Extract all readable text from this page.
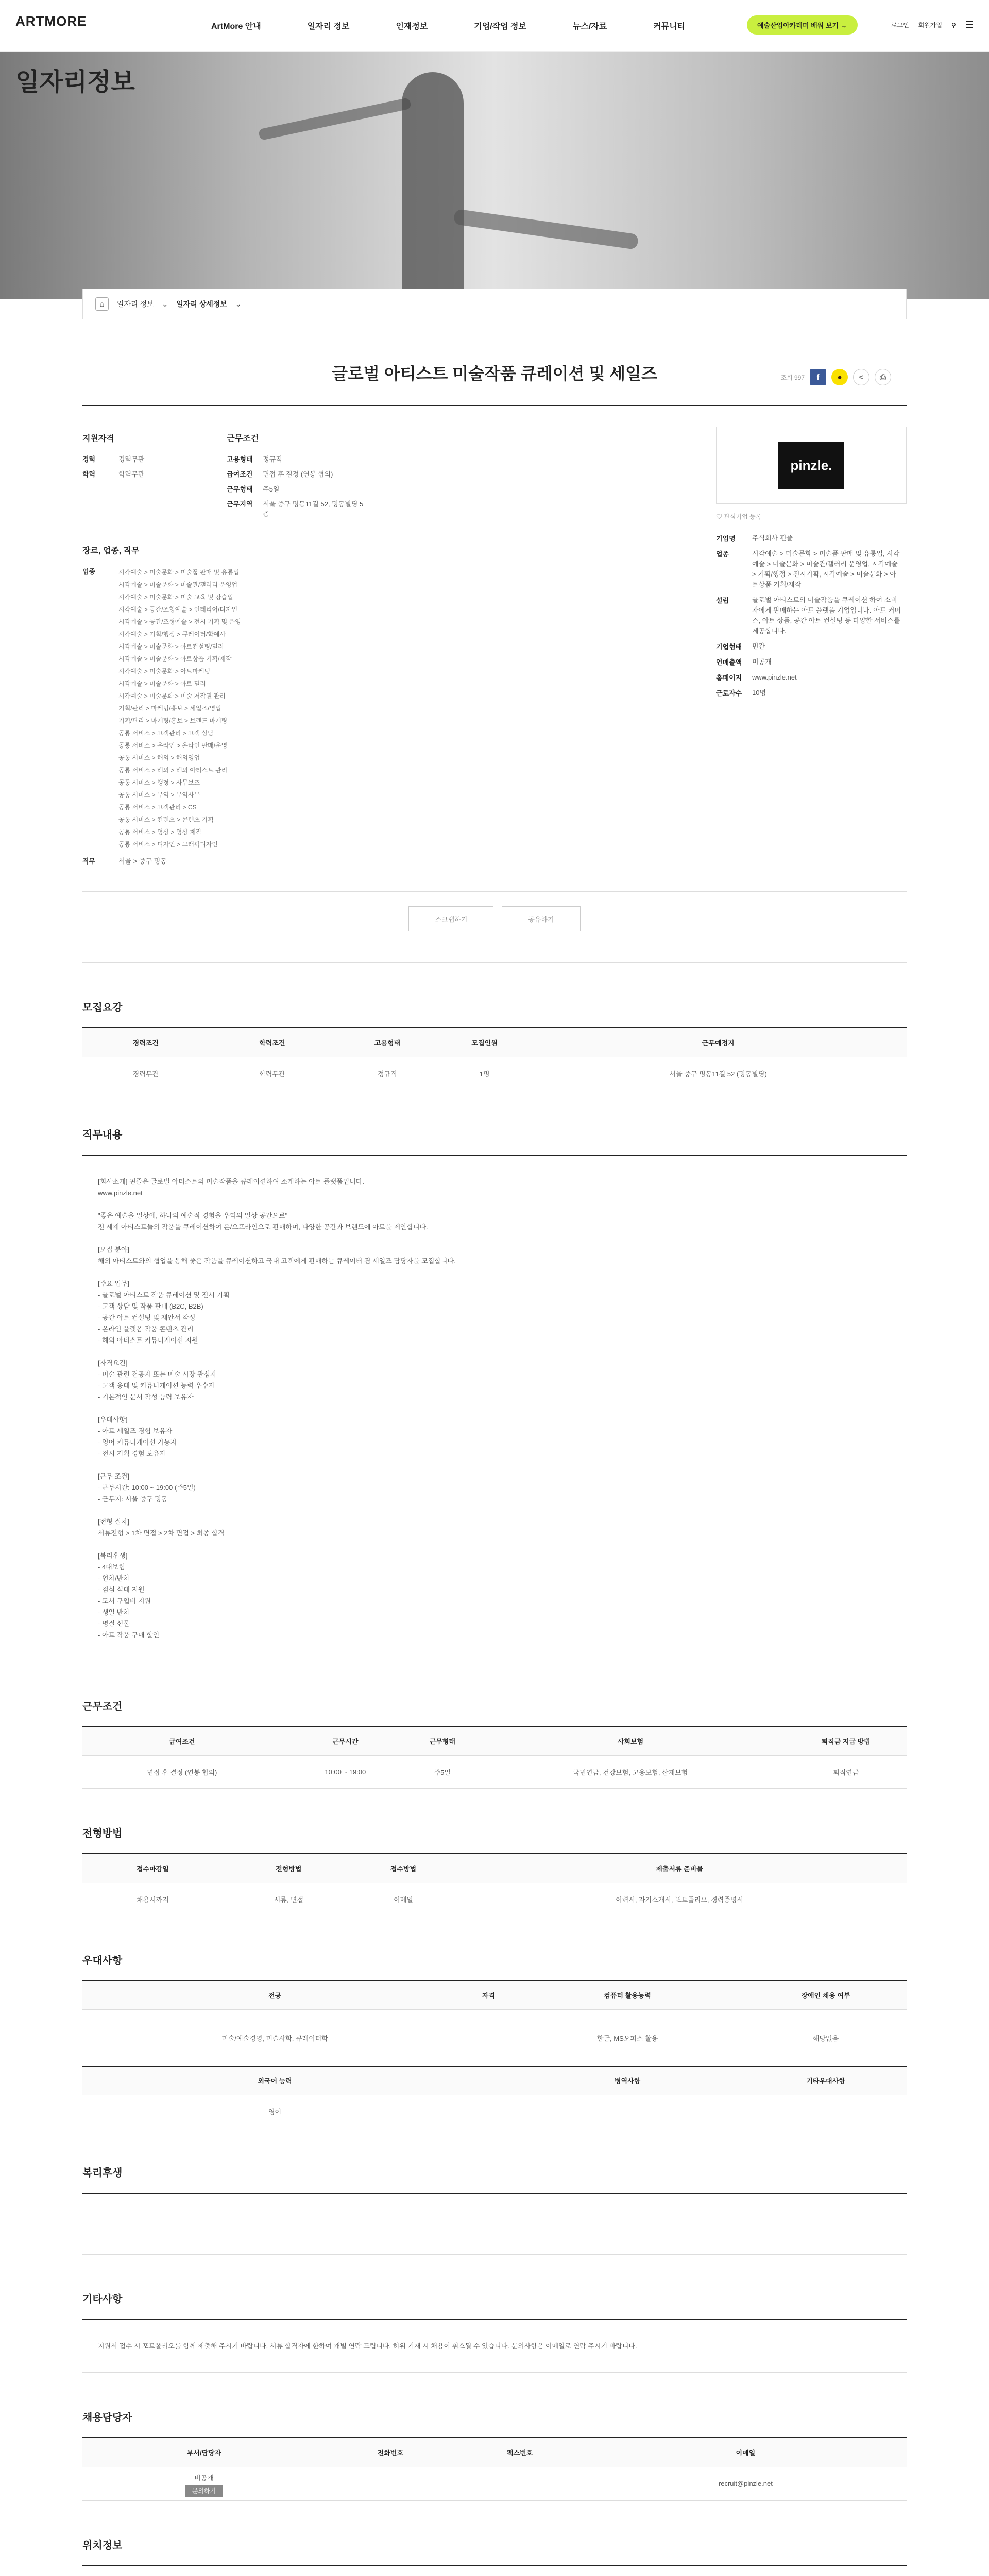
ARTMORE	ArtMore 안내	일자리 정보	인재정보	기업/작업 정보	뉴스/자료	커뮤니티	예술산업아카데미 배워 보기 →	로그인 회원가입 ⚲ ☰
일자리정보
⌂	일자리 정보 ⌄ 일자리 상세정보 ⌄
글로벌 아티스트 미술작품 큐레이션 및 세일즈	조회 997	f	●	<	⎙
지원자격
경력	경력무관
학력	학력무관
근무조건
고용형태	정규직
급여조건	면접 후 결정 (연봉 협의)
근무형태	주5일
근무지역	서울 중구 명동11길 52, 명동빌딩 5층
장르, 업종, 직무
업종	시각예술 > 미술문화 > 미술품 판매 및 유통업
시각예술 > 미술문화 > 미술관/갤러리 운영업
시각예술 > 미술문화 > 미술 교육 및 강습업
시각예술 > 공간/조형예술 > 인테리어/디자인
시각예술 > 공간/조형예술 > 전시 기획 및 운영
시각예술 > 기획/행정 > 큐레이터/학예사
시각예술 > 미술문화 > 아트컨설팅/딜러
시각예술 > 미술문화 > 아트상품 기획/제작
시각예술 > 미술문화 > 아트마케팅
시각예술 > 미술문화 > 아트 딜러
시각예술 > 미술문화 > 미술 저작권 관리
기획/관리 > 마케팅/홍보 > 세일즈/영업
기획/관리 > 마케팅/홍보 > 브랜드 마케팅
공통 서비스 > 고객관리 > 고객 상담
공통 서비스 > 온라인 > 온라인 판매/운영
공통 서비스 > 해외 > 해외영업
공통 서비스 > 해외 > 해외 아티스트 관리
공통 서비스 > 행정 > 사무보조
공통 서비스 > 무역 > 무역사무
공통 서비스 > 고객관리 > CS
공통 서비스 > 컨텐츠 > 콘텐츠 기획
공통 서비스 > 영상 > 영상 제작
공통 서비스 > 디자인 > 그래픽디자인
직무	서울 > 중구 명동
pinzle.
♡ 관심기업 등록
기업명	주식회사 핀즐
업종	시각예술 > 미술문화 > 미술품 판매 및 유통업, 시각예술 > 미술문화 > 미술관/갤러리 운영업, 시각예술 > 기획/행정 > 전시기획, 시각예술 > 미술문화 > 아트상품 기획/제작
설립	글로벌 아티스트의 미술작품을 큐레이션 하여 소비자에게 판매하는 아트 플랫폼 기업입니다. 아트 커머스, 아트 상품, 공간 아트 컨설팅 등 다양한 서비스를 제공합니다.
기업형태	민간
연매출액	미공개
홈페이지	www.pinzle.net
근로자수	10명
스크랩하기	공유하기
모집요강
경력조건	학력조건	고용형태	모집인원	근무예정지
경력무관	학력무관	정규직	1명	서울 중구 명동11길 52 (명동빌딩)
직무내용
[회사소개] 핀즐은 글로벌 아티스트의 미술작품을 큐레이션하여 소개하는 아트 플랫폼입니다.
www.pinzle.net

"좋은 예술을 일상에, 하나의 예술적 경험을 우리의 일상 공간으로"
전 세계 아티스트들의 작품을 큐레이션하여 온/오프라인으로 판매하며, 다양한 공간과 브랜드에 아트를 제안합니다.

[모집 분야]
해외 아티스트와의 협업을 통해 좋은 작품을 큐레이션하고 국내 고객에게 판매하는 큐레이터 겸 세일즈 담당자를 모집합니다.

[주요 업무]
- 글로벌 아티스트 작품 큐레이션 및 전시 기획
- 고객 상담 및 작품 판매 (B2C, B2B)
- 공간 아트 컨설팅 및 제안서 작성
- 온라인 플랫폼 작품 콘텐츠 관리
- 해외 아티스트 커뮤니케이션 지원

[자격요건]
- 미술 관련 전공자 또는 미술 시장 관심자
- 고객 응대 및 커뮤니케이션 능력 우수자
- 기본적인 문서 작성 능력 보유자

[우대사항]
- 아트 세일즈 경험 보유자
- 영어 커뮤니케이션 가능자
- 전시 기획 경험 보유자

[근무 조건]
- 근무시간: 10:00 ~ 19:00 (주5일)
- 근무지: 서울 중구 명동

[전형 절차]
서류전형 > 1차 면접 > 2차 면접 > 최종 합격

[복리후생]
- 4대보험
- 연차/반차
- 점심 식대 지원
- 도서 구입비 지원
- 생일 반차
- 명절 선물
- 아트 작품 구매 할인
근무조건
급여조건	근무시간	근무형태	사회보험	퇴직금 지급 방법
면접 후 결정 (연봉 협의)	10:00 ~ 19:00	주5일	국민연금, 건강보험, 고용보험, 산재보험	퇴직연금
전형방법
접수마감일	전형방법	접수방법	제출서류 준비물
채용시까지	서류, 면접	이메일	이력서, 자기소개서, 포트폴리오, 경력증명서
우대사항
전공	자격	컴퓨터 활용능력	장애인 채용 여부
미술/예술경영, 미술사학, 큐레이터학		한글, MS오피스 활용	해당없음
외국어 능력		병역사항	기타우대사항
영어			
복리후생
기타사항
지원서 접수 시 포트폴리오를 함께 제출해 주시기 바랍니다. 서류 합격자에 한하여 개별 연락 드립니다. 허위 기재 시 채용이 취소될 수 있습니다. 문의사항은 이메일로 연락 주시기 바랍니다.
채용담당자
부서/담당자	전화번호	팩스번호	이메일

비공개
문의하기			recruit@pinzle.net
위치정보
